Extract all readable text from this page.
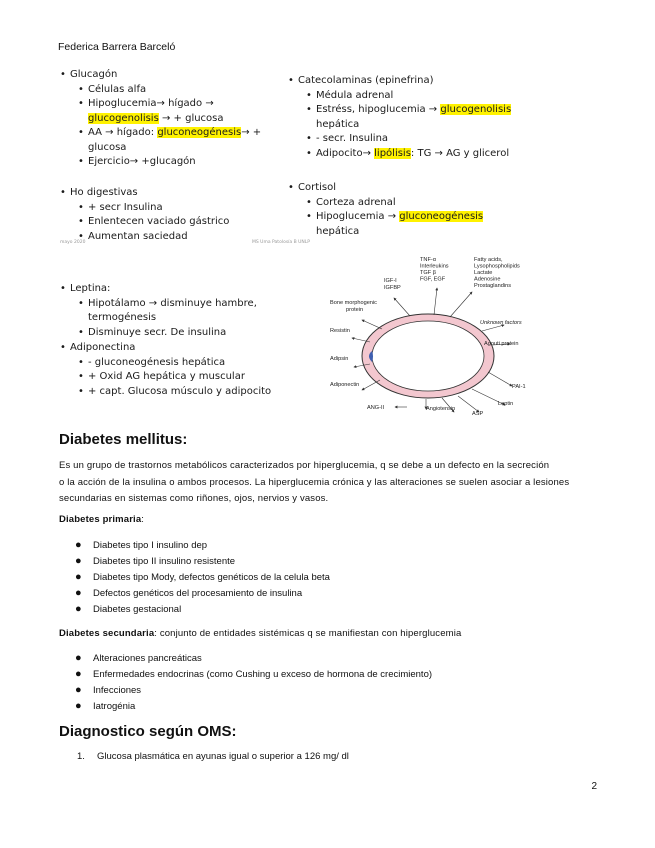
Federica Barrera Barceló
• Glucagón
• Células alfa
• Hipoglucemia→ hígado →
glucogenolisis → + glucosa
• AA → hígado: gluconeogénesis→ + glucosa
• Ejercicio→ +glucagón
• Catecolaminas (epinefrina)
• Médula adrenal
• Estréss, hipoglucemia → glucogenolisis
hepática
• - secr. Insulina
• Adipocito→ lipólisis: TG → AG y glicerol
• Ho digestivas
• + secr Insulina
• Enlentecen vaciado gástrico
• Aumentan saciedad
• Cortisol
• Corteza adrenal
• Hipoglucemia → gluconeogénesis
hepática
mayo 2020	MS Uma Patolosía B UNLP
• Leptina:
• Hipotálamo → disminuye hambre, termogénesis
• Disminuye secr. De insulina
• Adiponectina
• - gluconeogénesis hepática
• + Oxid AG hepática y muscular
• + capt. Glucosa músculo y adipocito
TNF-α
Interleukins
TGF β
FGF, EGF
Fatty acids,
Lysophospholipids
Lactate
Adenosine
Prostaglandins
IGF-I
IGFBP
Bone morphogenic
protein
Unknown factors
Resistin
Agouti protein
Adipsin
PAI-1
Adiponectin
Leptin
ANG-II	Angiotensin
ASP
Diabetes mellitus:
Es un grupo de trastornos metabólicos caracterizados por hiperglucemia, q se debe a un defecto en la secreción
o la acción de la insulina o ambos procesos. La hiperglucemia crónica y las alteraciones se suelen asociar a lesiones
secundarias en sistemas como riñones, ojos, nervios y vasos.
Diabetes primaria:
● Diabetes tipo I insulino dep
● Diabetes tipo II insulino resistente
● Diabetes tipo Mody, defectos genéticos de la celula beta
● Defectos genéticos del procesamiento de insulina
● Diabetes gestacional
Diabetes secundaria: conjunto de entidades sistémicas q se manifiestan con hiperglucemia
● Alteraciones pancreáticas
● Enfermedades endocrinas (como Cushing u exceso de hormona de crecimiento)
● Infecciones
● Iatrogénia
Diagnostico según OMS:
1. Glucosa plasmática en ayunas igual o superior a 126 mg/ dl
2
